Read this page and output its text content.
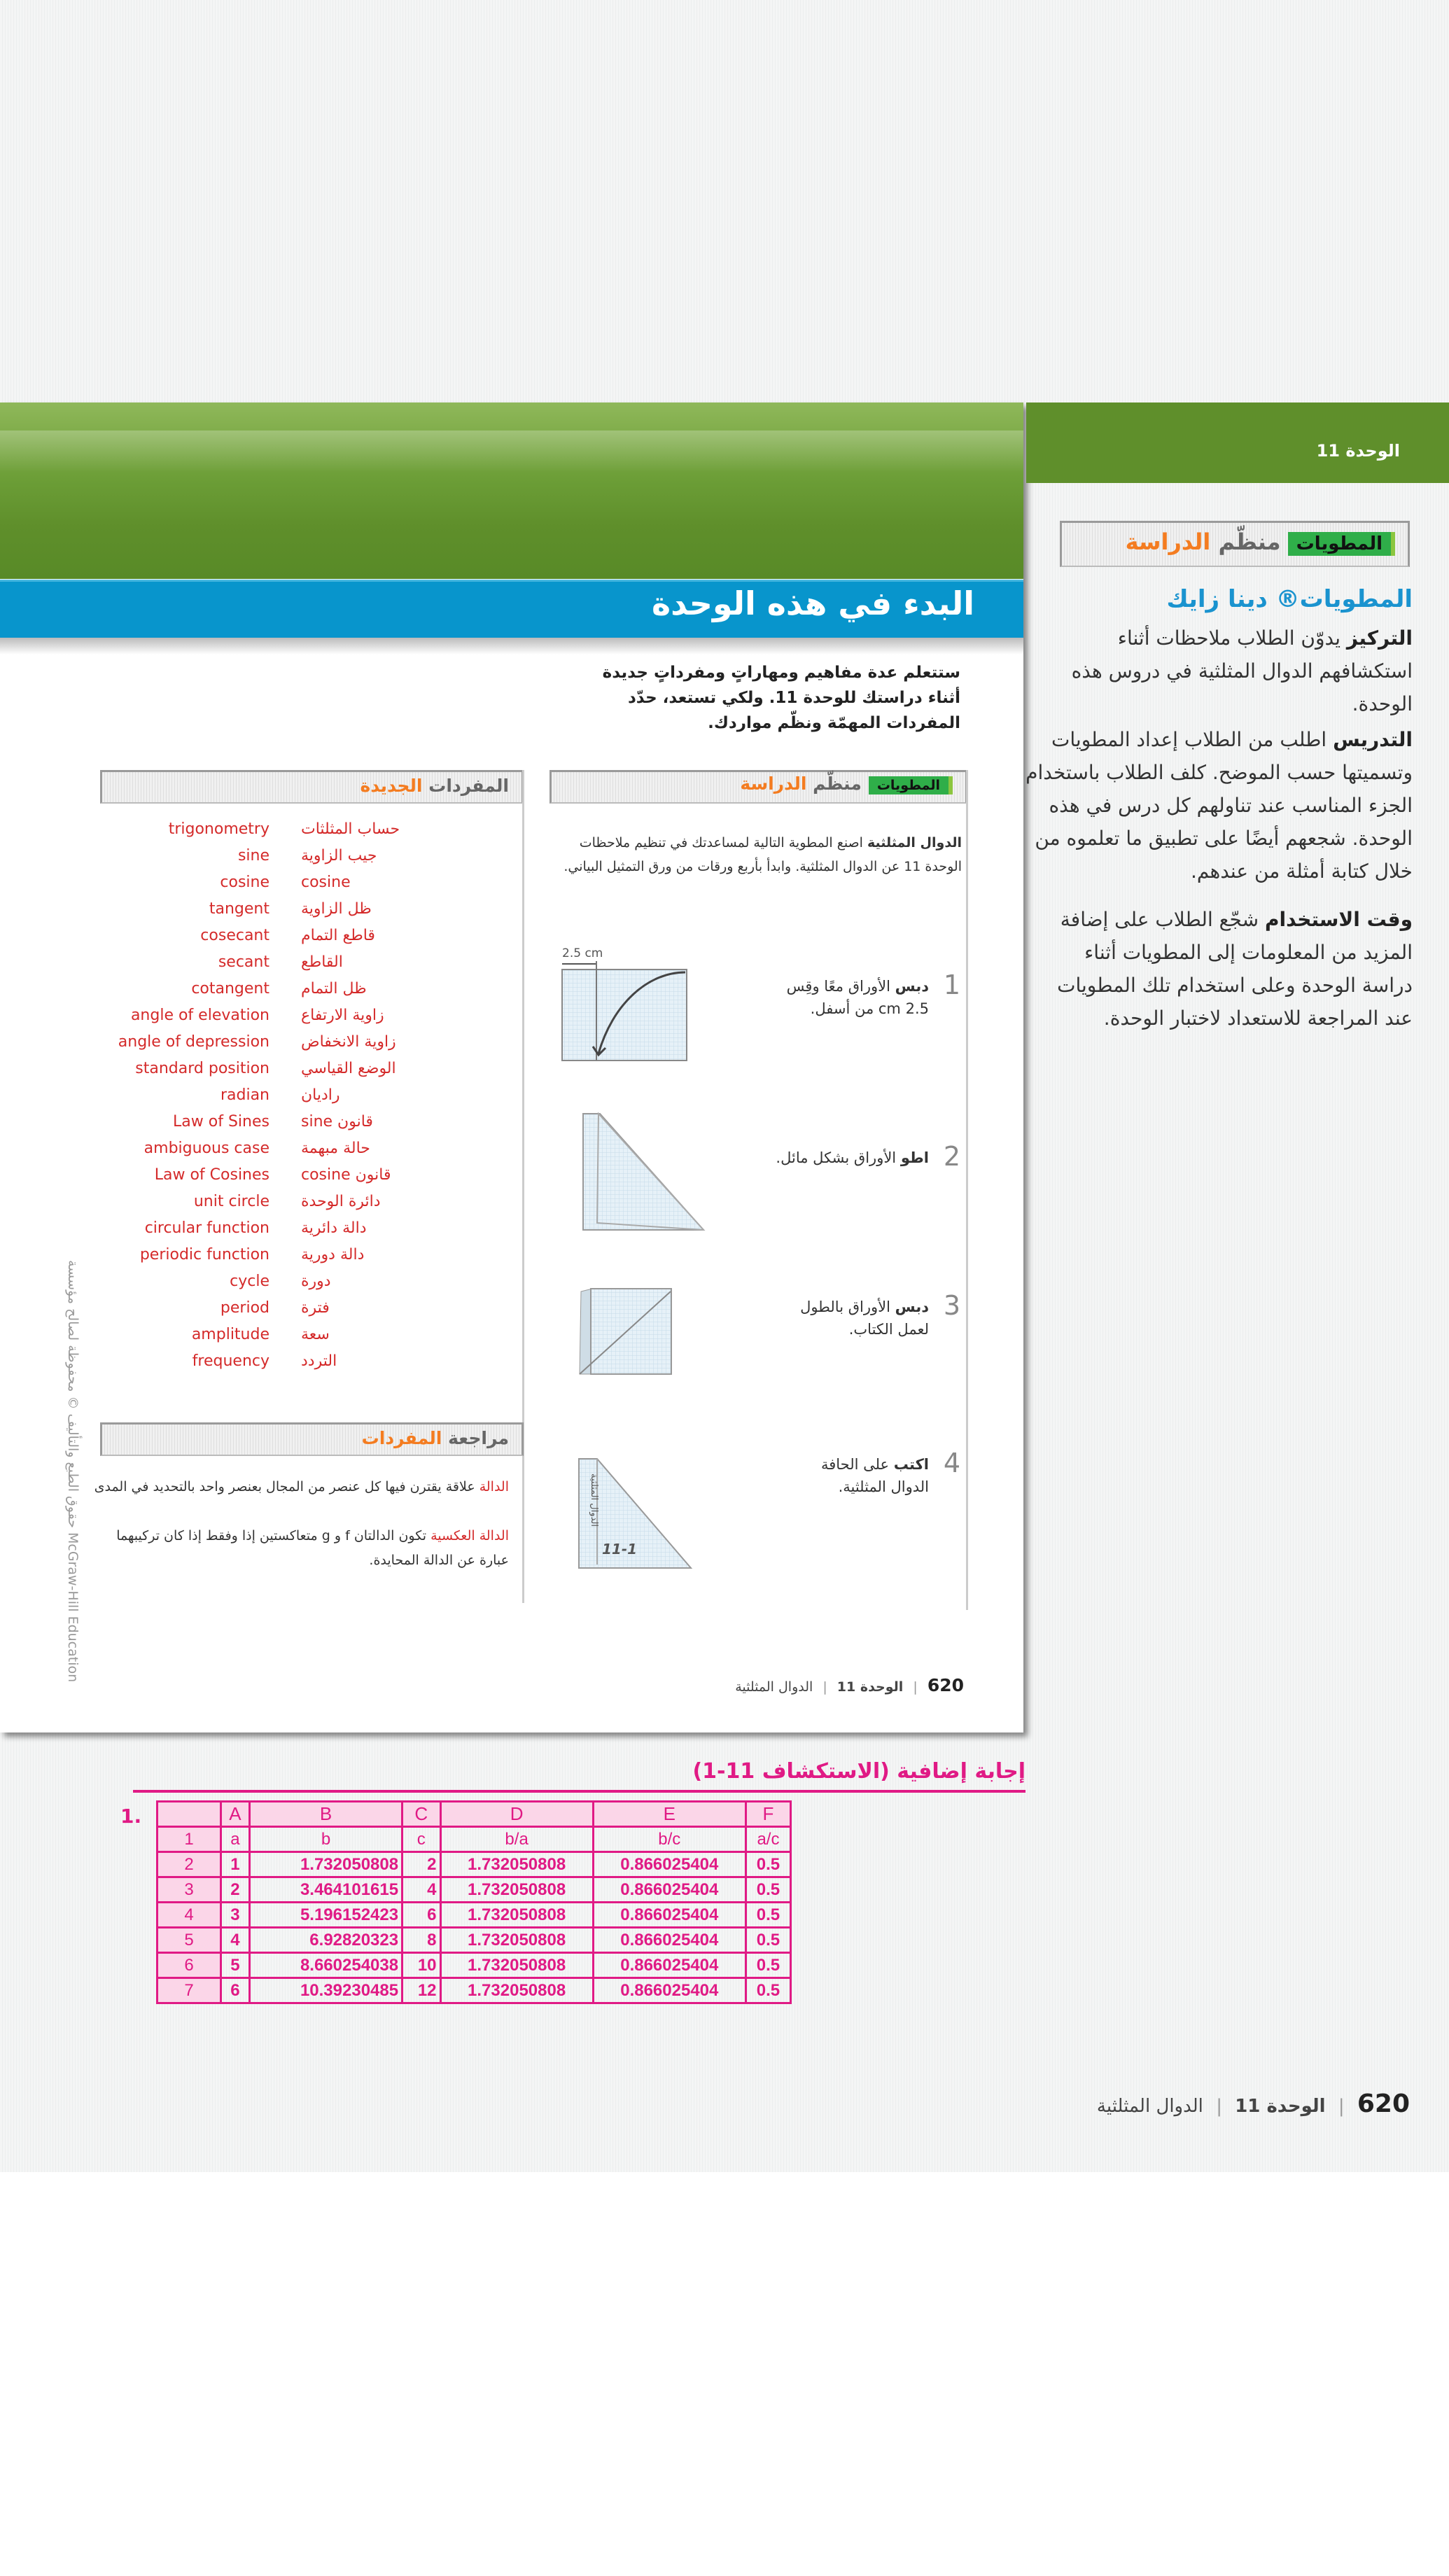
البدء في هذه الوحدة
ستتعلم عدة مفاهيم ومهاراتٍ ومفرداتٍ جديدة أثناء دراستك للوحدة 11. ولكي تستعد، حدّد المفردات المهمّة ونظّم مواردك.
المطوياتمنظّم الدراسة
الدوال المثلثية اصنع المطوية التالية لمساعدتك في تنظيم ملاحظات الوحدة 11 عن الدوال المثلثية. وابدأ بأربع ورقات من ورق التمثيل البياني.
1
دبس الأوراق معًا وقِس 2.5 cm من أسفل.
2
اطو الأوراق بشكل مائل.
3
دبس الأوراق بالطول لعمل الكتاب.
4
اكتب على الحافة الدوال المثلثية.
2.5 cm
الدوال المثلثية
11-1
المفردات الجديدة
trigonometry حساب المثلثات
sine جيب الزاوية
cosine cosine
tangent ظل الزاوية
cosecant قاطع التمام
secant القاطع
cotangent ظل التمام
angle of elevation زاوية الارتفاع
angle of depression زاوية الانخفاض
standard position الوضع القياسي
radian راديان
Law of Sines قانون sine
ambiguous case حالة مبهمة
Law of Cosines قانون cosine
unit circle دائرة الوحدة
circular function دالة دائرية
periodic function دالة دورية
cycle دورة
period فترة
amplitude سعة
frequency التردد
مراجعة المفردات
الدالة علاقة يقترن فيها كل عنصر من المجال بعنصر واحد بالتحديد في المدى
الدالة العكسية تكون الدالتان f و g متعاكستين إذا وفقط إذا كان تركيبهما عبارة عن الدالة المحايدة.
حقوق الطبع والتأليف © محفوظة لصالح مؤسسة McGraw-Hill Education
620 | الوحدة 11 | الدوال المثلثية
الوحدة 11
المطوياتمنظّم الدراسة
المطويات® دينا زايك
التركيز يدوّن الطلاب ملاحظات أثناء استكشافهم الدوال المثلثية في دروس هذه الوحدة.
التدريس اطلب من الطلاب إعداد المطويات وتسميتها حسب الموضح. كلف الطلاب باستخدام الجزء المناسب عند تناولهم كل درس في هذه الوحدة. شجعهم أيضًا على تطبيق ما تعلموه من خلال كتابة أمثلة من عندهم.
وقت الاستخدام شجّع الطلاب على إضافة المزيد من المعلومات إلى المطويات أثناء دراسة الوحدة وعلى استخدام تلك المطويات عند المراجعة للاستعداد لاختبار الوحدة.
إجابة إضافية (الاستكشاف 11-1)
1.
		A	B	C	D	E	F
1	a	b	c	b/a	b/c	a/c
2	1	1.732050808	2	1.732050808	0.866025404	0.5
3	2	3.464101615	4	1.732050808	0.866025404	0.5
4	3	5.196152423	6	1.732050808	0.866025404	0.5
5	4	6.92820323	8	1.732050808	0.866025404	0.5
6	5	8.660254038	10	1.732050808	0.866025404	0.5
7	6	10.39230485	12	1.732050808	0.866025404	0.5
620 | الوحدة 11 | الدوال المثلثية
